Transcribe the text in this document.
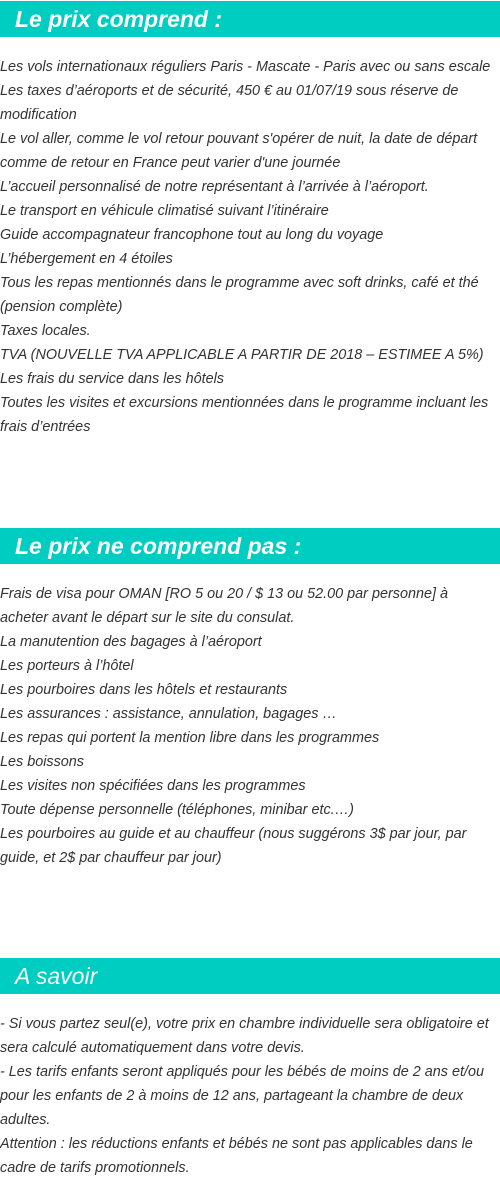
Le prix comprend :
Les vols internationaux réguliers Paris - Mascate - Paris avec ou sans escale
Les taxes d’aéroports et de sécurité, 450 € au 01/07/19 sous réserve de modification
Le vol aller, comme le vol retour pouvant s'opérer de nuit, la date de départ comme de retour en France peut varier d'une journée
L’accueil personnalisé de notre représentant à l’arrivée à l’aéroport.
Le transport en véhicule climatisé suivant l’itinéraire
Guide accompagnateur francophone tout au long du voyage
L’hébergement en 4 étoiles
Tous les repas mentionnés dans le programme avec soft drinks, café et thé (pension complète)
Taxes locales.
TVA (NOUVELLE TVA APPLICABLE A PARTIR DE 2018 – ESTIMEE A 5%)
Les frais du service dans les hôtels
Toutes les visites et excursions mentionnées dans le programme incluant les frais d’entrées
Le prix ne comprend pas :
Frais de visa pour OMAN [RO 5 ou 20 / $ 13 ou 52.00 par personne] à acheter avant le départ sur le site du consulat.
La manutention des bagages à l’aéroport
Les porteurs à l’hôtel
Les pourboires dans les hôtels et restaurants
Les assurances : assistance, annulation, bagages …
Les repas qui portent la mention libre dans les programmes
Les boissons
Les visites non spécifiées dans les programmes
Toute dépense personnelle (téléphones, minibar etc.…)
Les pourboires au guide et au chauffeur (nous suggérons 3$ par jour, par guide, et 2$ par chauffeur par jour)
A savoir
- Si vous partez seul(e), votre prix en chambre individuelle sera obligatoire et sera calculé automatiquement dans votre devis.
- Les tarifs enfants seront appliqués pour les bébés de moins de 2 ans et/ou pour les enfants de 2 à moins de 12 ans, partageant la chambre de deux adultes.
Attention : les réductions enfants et bébés ne sont pas applicables dans le cadre de tarifs promotionnels.
